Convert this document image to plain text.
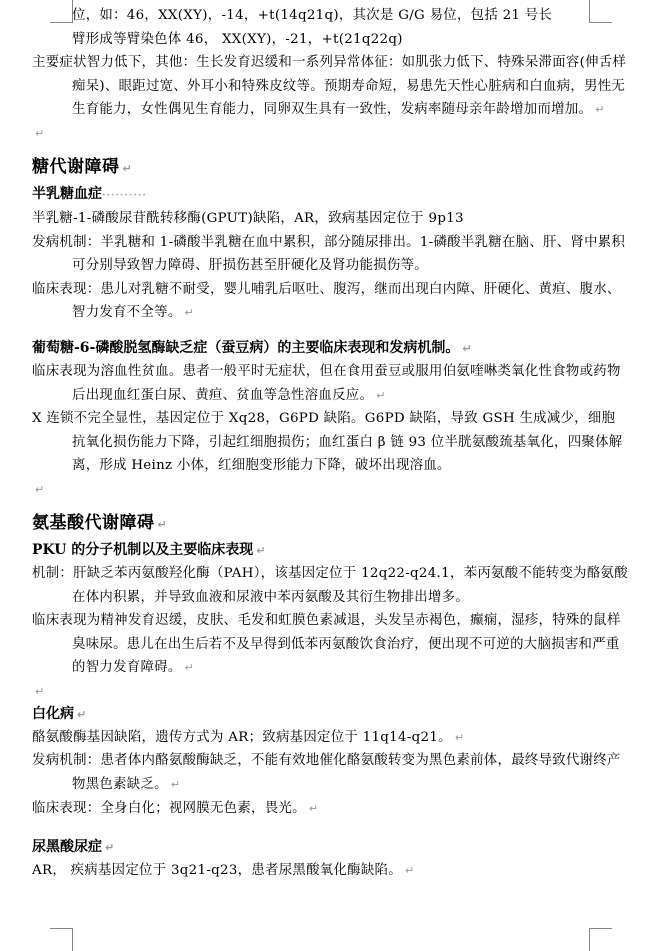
位，如：46，XX(XY)，-14，+t(14q21q)，其次是 G/G 易位，包括 21 号长

臂形成等臂染色体 46， XX(XY)，-21，+t(21q22q)

主要症状智力低下，其他：生长发育迟缓和一系列异常体征：如肌张力低下、特殊呆滞面容(伸舌样痴呆)、眼距过宽、外耳小和特殊皮纹等。预期寿命短，易患先天性心脏病和白血病，男性无生育能力，女性偶见生育能力，同卵双生具有一致性，发病率随母亲年龄增加而增加。 ↵

↵

糖代谢障碍 ↵

半乳糖血症··········

半乳糖-1-磷酸尿苷酰转移酶(GPUT)缺陷，AR，致病基因定位于 9p13

发病机制：半乳糖和 1-磷酸半乳糖在血中累积，部分随尿排出。1-磷酸半乳糖在脑、肝、肾中累积可分别导致智力障碍、肝损伤甚至肝硬化及肾功能损伤等。

临床表现：患儿对乳糖不耐受，婴儿哺乳后呕吐、腹泻，继而出现白内障、肝硬化、黄疸、腹水、智力发育不全等。 ↵

葡萄糖-6-磷酸脱氢酶缺乏症（蚕豆病）的主要临床表现和发病机制。 ↵

临床表现为溶血性贫血。患者一般平时无症状，但在食用蚕豆或服用伯氨喹啉类氧化性食物或药物后出现血红蛋白尿、黄疸、贫血等急性溶血反应。 ↵

X 连锁不完全显性，基因定位于 Xq28，G6PD 缺陷。G6PD 缺陷，导致 GSH 生成减少，细胞抗氧化损伤能力下降，引起红细胞损伤；血红蛋白 β 链 93 位半胱氨酸巯基氧化，四聚体解离，形成 Heinz 小体，红细胞变形能力下降，破坏出现溶血。

↵

氨基酸代谢障碍 ↵

PKU 的分子机制以及主要临床表现 ↵

机制：肝缺乏苯丙氨酸羟化酶（PAH），该基因定位于 12q22-q24.1，苯丙氨酸不能转变为酪氨酸在体内积累，并导致血液和尿液中苯丙氨酸及其衍生物排出增多。

临床表现为精神发育迟缓，皮肤、毛发和虹膜色素减退，头发呈赤褐色，癫痫，湿疹，特殊的鼠样臭味尿。患儿在出生后若不及早得到低苯丙氨酸饮食治疗，便出现不可逆的大脑损害和严重的智力发育障碍。 ↵

↵

白化病 ↵

酪氨酸酶基因缺陷，遗传方式为 AR；致病基因定位于 11q14-q21。 ↵

发病机制：患者体内酪氨酸酶缺乏，不能有效地催化酪氨酸转变为黑色素前体，最终导致代谢终产物黑色素缺乏。 ↵

临床表现：全身白化；视网膜无色素，畏光。 ↵

尿黑酸尿症 ↵

AR， 疾病基因定位于 3q21-q23，患者尿黑酸氧化酶缺陷。 ↵
